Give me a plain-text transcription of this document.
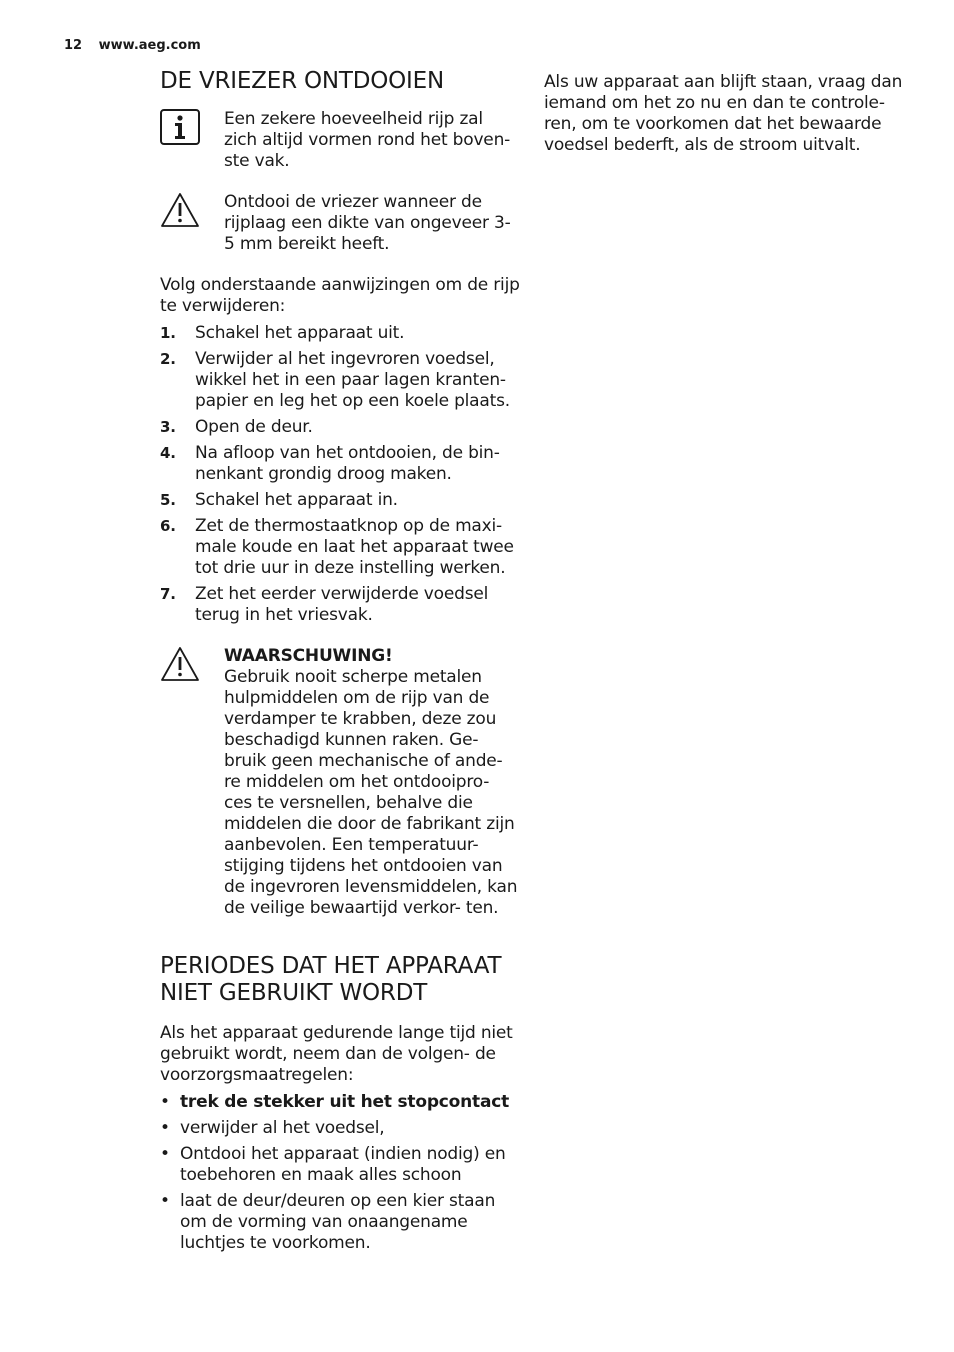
12 www.aeg.com
DE VRIEZER ONTDOOIEN
Een zekere hoeveelheid rijp zal zich altijd vormen rond het boven- ste vak.
Ontdooi de vriezer wanneer de rijplaag een dikte van ongeveer 3-5 mm bereikt heeft.

Volg onderstaande aanwijzingen om de rijp te verwijderen:

1.	Schakel het apparaat uit.
2.	Verwijder al het ingevroren voedsel, wikkel het in een paar lagen kranten- papier en leg het op een koele plaats.
3.	Open de deur.
4.	Na afloop van het ontdooien, de bin- nenkant grondig droog maken.
5.	Schakel het apparaat in.
6.	Zet de thermostaatknop op de maxi- male koude en laat het apparaat twee tot drie uur in deze instelling werken.
7.	Zet het eerder verwijderde voedsel terug in het vriesvak.
WAARSCHUWING!
Gebruik nooit scherpe metalen hulpmiddelen om de rijp van de verdamper te krabben, deze zou beschadigd kunnen raken. Ge- bruik geen mechanische of ande- re middelen om het ontdooipro- ces te versnellen, behalve die middelen die door de fabrikant zijn aanbevolen. Een temperatuur- stijging tijdens het ontdooien van de ingevroren levensmiddelen, kan de veilige bewaartijd verkor- ten.
PERIODES DAT HET APPARAAT NIET GEBRUIKT WORDT

Als het apparaat gedurende lange tijd niet gebruikt wordt, neem dan de volgen- de voorzorgsmaatregelen:

• trek de stekker uit het stopcontact
• verwijder al het voedsel,
• Ontdooi het apparaat (indien nodig) en toebehoren en maak alles schoon
• laat de deur/deuren op een kier staan om de vorming van onaangename luchtjes te voorkomen.

Als uw apparaat aan blijft staan, vraag dan iemand om het zo nu en dan te controle- ren, om te voorkomen dat het bewaarde voedsel bederft, als de stroom uitvalt.
